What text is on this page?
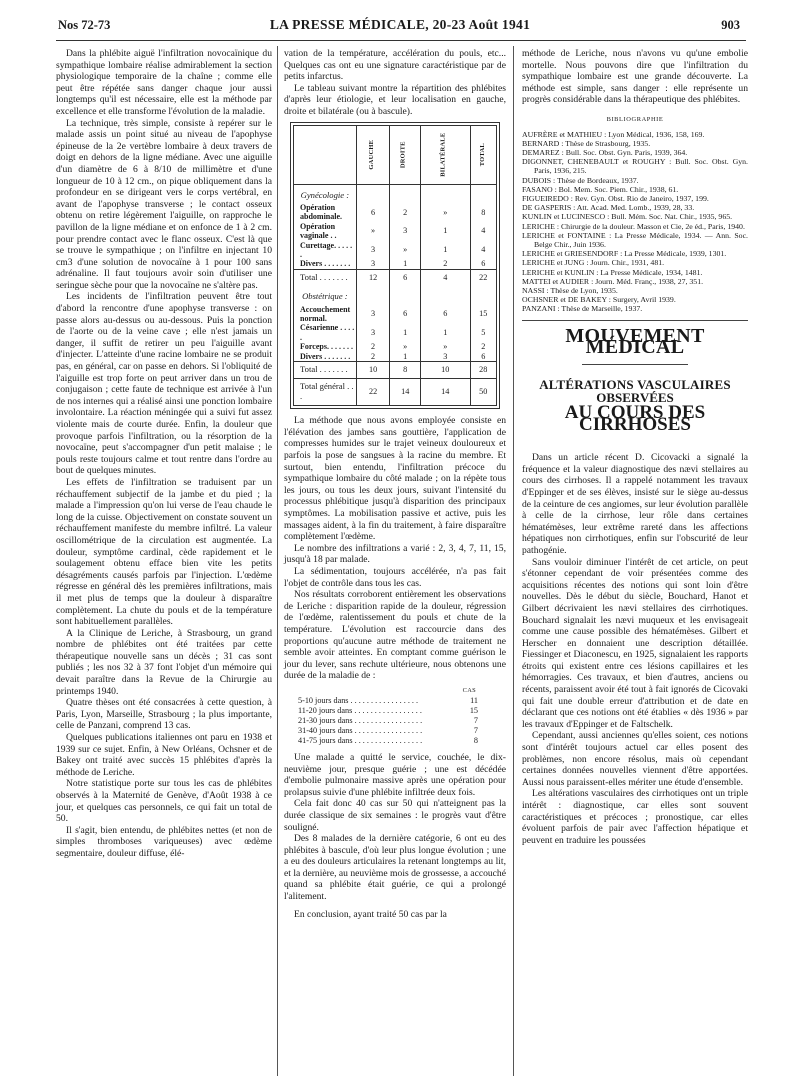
Nos 72-73	LA PRESSE MÉDICALE, 20-23 Août 1941	903

Dans la phlébite aiguë l'infiltration novocaïnique du sympathique lombaire réalise admirablement la section physiologique temporaire de la chaîne ; comme elle peut être répétée sans danger chaque jour aussi longtemps qu'il est nécessaire, elle est la méthode par excellence et elle transforme l'évolution de la maladie.

La technique, très simple, consiste à repérer sur le malade assis un point situé au niveau de l'apophyse épineuse de la 2e vertèbre lombaire à deux travers de doigt en dehors de la ligne médiane. Avec une aiguille d'un diamètre de 6 à 8/10 de millimètre et d'une longueur de 10 à 12 cm., on pique obliquement dans la profondeur en se dirigeant vers le corps vertébral, en avant de l'apophyse transverse ; le contact osseux obtenu on retire légèrement l'aiguille, on rapproche le pavillon de la ligne médiane et on enfonce de 1 à 2 cm. pour prendre contact avec le flanc osseux. C'est là que se trouve le sympathique ; on l'infiltre en injectant 10 cm3 d'une solution de novocaïne à 1 pour 100 sans adrénaline. Il faut toujours avoir soin d'utiliser une seringue sèche pour que la novocaïne ne s'altère pas.

Les incidents de l'infiltration peuvent être tout d'abord la rencontre d'une apophyse transverse : on passe alors au-dessus ou au-dessous. Puis la ponction de l'aorte ou de la veine cave ; elle n'est jamais un danger, il suffit de retirer un peu l'aiguille avant d'injecter. L'atteinte d'une racine lombaire ne se produit pas, en général, car on passe en dehors. Si l'obliquité de l'aiguille est trop forte on peut arriver dans un trou de conjugaison ; cette faute de technique est arrivée à l'un de nos internes qui a réalisé ainsi une ponction lombaire involontaire. La réaction méningée qui a suivi fut assez violente mais de courte durée. Enfin, la douleur que provoque parfois l'infiltration, ou la résorption de la novocaïne, peut s'accompagner d'un petit malaise ; le pouls reste toujours calme et tout rentre dans l'ordre au bout de quelques minutes.

Les effets de l'infiltration se traduisent par un réchauffement subjectif de la jambe et du pied ; la malade a l'impression qu'on lui verse de l'eau chaude le long de la cuisse. Objectivement on constate souvent un réchauffement manifeste du membre infiltré. La valeur oscillométrique de la circulation est augmentée. La douleur, symptôme cardinal, cède rapidement et le soulagement obtenu efface bien vite les petits désagréments causés parfois par l'injection. L'œdème régresse en général dès les premières infiltrations, mais il met plus de temps que la douleur à disparaître complètement. La chute du pouls et de la température sont habituellement parallèles.

A la Clinique de Leriche, à Strasbourg, un grand nombre de phlébites ont été traitées par cette thérapeutique nouvelle sans un décès ; 31 cas sont publiés ; les nos 32 à 37 font l'objet d'un mémoire qui devait paraître dans la Revue de la Chirurgie au printemps 1940.

Quatre thèses ont été consacrées à cette question, à Paris, Lyon, Marseille, Strasbourg ; la plus importante, celle de Panzani, comprend 13 cas.

Quelques publications italiennes ont paru en 1938 et 1939 sur ce sujet. Enfin, à New Orléans, Ochsner et de Bakey ont traité avec succès 15 phlébites d'après la méthode de Leriche.

Notre statistique porte sur tous les cas de phlébites observés à la Maternité de Genève, d'Août 1938 à ce jour, et quelques cas personnels, ce qui fait un total de 50.

Il s'agit, bien entendu, de phlébites nettes (et non de simples thromboses variqueuses) avec œdème segmentaire, douleur diffuse, élé-

vation de la température, accélération du pouls, etc... Quelques cas ont eu une signature caractéristique par de petits infarctus.

Le tableau suivant montre la répartition des phlébites d'après leur étiologie, et leur localisation en gauche, droite et bilatérale (ou à bascule).

	GAUCHE	DROITE	BILATÉRALE	TOTAL
Gynécologie :				
Opération abdominale.	6	2	»	8
Opération vaginale . .	»	3	1	4
Curettage. . . . . .	3	»	1	4
Divers . . . . . . .	3	1	2	6
Total . . . . . . .	12	6	4	22
Obstétrique :				
Accouchement normal.	3	6	6	15
Césarienne . . . . .	3	1	1	5
Forceps. . . . . . .	2	»	»	2
Divers . . . . . . .	2	1	3	6
Total . . . . . . .	10	8	10	28
Total général . . .	22	14	14	50

La méthode que nous avons employée consiste en l'élévation des jambes sans gouttière, l'application de compresses humides sur le trajet veineux douloureux et parfois la pose de sangsues à la racine du membre. Et surtout, bien entendu, l'infiltration précoce du sympathique lombaire du côté malade ; on la répète tous les jours, ou tous les deux jours, suivant l'intensité du processus phlébitique jusqu'à disparition des principaux symptômes. La mobilisation passive et active, puis les massages aident, à la fin du traitement, à faire disparaître complètement l'œdème.

Le nombre des infiltrations a varié : 2, 3, 4, 7, 11, 15, jusqu'à 18 par malade.

La sédimentation, toujours accélérée, n'a pas fait l'objet de contrôle dans tous les cas.

Nos résultats corroborent entièrement les observations de Leriche : disparition rapide de la douleur, régression de l'œdème, ralentissement du pouls et chute de la température. L'évolution est raccourcie dans des proportions qu'aucune autre méthode de traitement ne semble avoir atteintes. En comptant comme guérison le jour du lever, sans rechute ultérieure, nous obtenons une durée de la maladie de :

CAS
5-10 jours dans . . . . . . . . . . . . . . . . .	11
11-20 jours dans . . . . . . . . . . . . . . . . .	15
21-30 jours dans . . . . . . . . . . . . . . . . .	7
31-40 jours dans . . . . . . . . . . . . . . . . .	7
41-75 jours dans . . . . . . . . . . . . . . . . .	8

Une malade a quitté le service, couchée, le dix-neuvième jour, presque guérie ; une est décédée d'embolie pulmonaire massive après une opération pour prolapsus suivie d'une phlébite infiltrée deux fois.

Cela fait donc 40 cas sur 50 qui n'atteignent pas la durée classique de six semaines : le progrès vaut d'être souligné.

Des 8 malades de la dernière catégorie, 6 ont eu des phlébites à bascule, d'où leur plus longue évolution ; une a eu des douleurs articulaires la retenant longtemps au lit, et la dernière, au neuvième mois de grossesse, a accouché quand sa phlébite était guérie, ce qui a prolongé l'alitement.

En conclusion, ayant traité 50 cas par la

méthode de Leriche, nous n'avons vu qu'une embolie mortelle. Nous pouvons dire que l'infiltration du sympathique lombaire est une grande découverte. La méthode est simple, sans danger : elle représente un progrès considérable dans la thérapeutique des phlébites.

BIBLIOGRAPHIE
AUFRÈRE et MATHIEU : Lyon Médical, 1936, 158, 169.
BERNARD : Thèse de Strasbourg, 1935.
DEMAREZ : Bull. Soc. Obst. Gyn. Paris, 1939, 364.
DIGONNET, CHENEBAULT et ROUGHY : Bull. Soc. Obst. Gyn. Paris, 1936, 215.
DUBOIS : Thèse de Bordeaux, 1937.
FASANO : Bol. Mem. Soc. Piem. Chir., 1938, 61.
FIGUEIREDO : Rev. Gyn. Obst. Rio de Janeiro, 1937, 199.
DE GASPERIS : Att. Acad. Med. Lomb., 1939, 28, 33.
KUNLIN et LUCINESCO : Bull. Mém. Soc. Nat. Chir., 1935, 965.
LERICHE : Chirurgie de la douleur. Masson et Cie, 2e éd., Paris, 1940.
LERICHE et FONTAINE : La Presse Médicale, 1934. — Ann. Soc. Belge Chir., Juin 1936.
LERICHE et GRIESENDORF : La Presse Médicale, 1939, 1301.
LERICHE et JUNG : Journ. Chir., 1931, 481.
LERICHE et KUNLIN : La Presse Médicale, 1934, 1481.
MATTEI et AUDIER : Journ. Méd. Franç., 1938, 27, 351.
NASSI : Thèse de Lyon, 1935.
OCHSNER et DE BAKEY : Surgery, Avril 1939.
PANZANI : Thèse de Marseille, 1937.
MOUVEMENT MÉDICAL
ALTÉRATIONS VASCULAIRES
OBSERVÉES
AU COURS DES CIRRHOSES

Dans un article récent D. Cicovacki a signalé la fréquence et la valeur diagnostique des nævi stellaires au cours des cirrhoses. Il a rappelé notamment les travaux d'Eppinger et de ses élèves, insisté sur le siège au-dessus de la ceinture de ces angiomes, sur leur évolution parallèle à celle de la cirrhose, leur rôle dans certaines hématémèses, leur extrême rareté dans les affections hépatiques non cirrhotiques, enfin sur l'obscurité de leur pathogénie.

Sans vouloir diminuer l'intérêt de cet article, on peut s'étonner cependant de voir présentées comme des acquisitions récentes des notions qui sont loin d'être nouvelles. Dès le début du siècle, Bouchard, Hanot et Gilbert décrivaient les nævi stellaires des cirrhotiques. Bouchard signalait les nævi muqueux et les envisageait comme une cause possible des hématémèses. Gilbert et Herscher en donnaient une description détaillée. Fiessinger et Diaconescu, en 1925, signalaient les rapports étroits qui existent entre ces lésions capillaires et les hémorragies. Ces travaux, et bien d'autres, anciens ou récents, paraissent avoir été tout à fait ignorés de Cicovaki qui fait une double erreur d'attribution et de date en déclarant que ces notions ont été établies « dès 1936 » par les travaux d'Eppinger et de Faltschelk.

Cependant, aussi anciennes qu'elles soient, ces notions sont d'intérêt toujours actuel car elles posent des problèmes, non encore résolus, mais où cependant certaines données nouvelles viennent d'être apportées. Aussi nous paraissent-elles mériter une étude d'ensemble.

Les altérations vasculaires des cirrhotiques ont un triple intérêt : diagnostique, car elles sont souvent caractéristiques et précoces ; pronostique, car elles évoluent parfois de pair avec l'affection hépatique et peuvent en traduire les poussées
